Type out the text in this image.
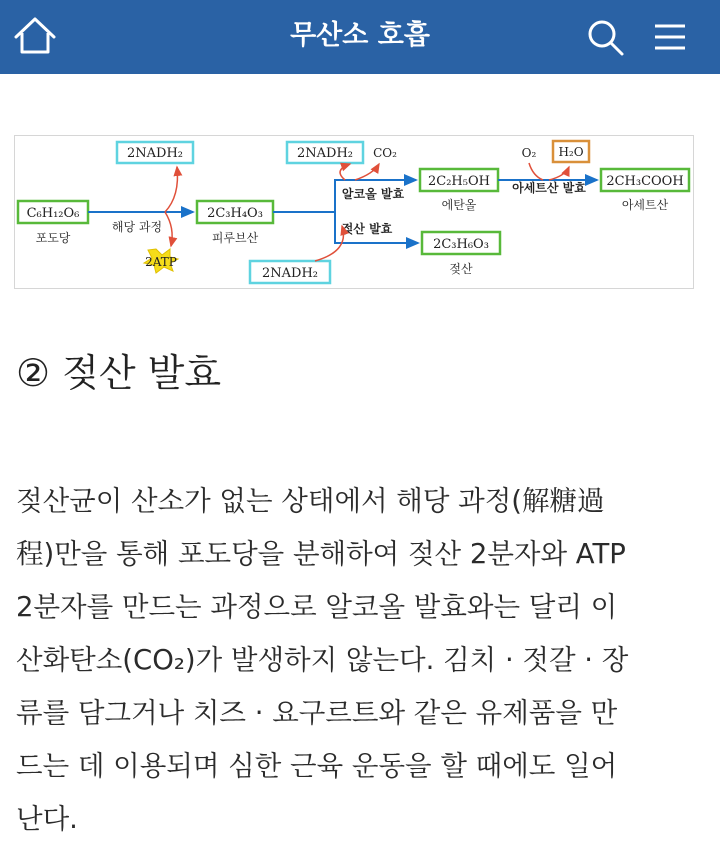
무산소 호흡
C₆H₁₂O₆
포도당
2NADH₂
해당 과정
2ATP
2C₃H₄O₃
피루브산
2NADH₂
2NADH₂ CO₂
알코올 발효
2C₂H₅OH
에탄올
O₂ H₂O
아세트산 발효 2CH₃COOH
아세트산
젖산 발효
2C₃H₆O₃
젖산
② 젖산 발효
젖산균이 산소가 없는 상태에서 해당 과정(解糖過
程)만을 통해 포도당을 분해하여 젖산 2분자와 ATP
2분자를 만드는 과정으로 알코올 발효와는 달리 이
산화탄소(CO₂)가 발생하지 않는다. 김치 · 젓갈 · 장
류를 담그거나 치즈 · 요구르트와 같은 유제품을 만
드는 데 이용되며 심한 근육 운동을 할 때에도 일어
난다.
